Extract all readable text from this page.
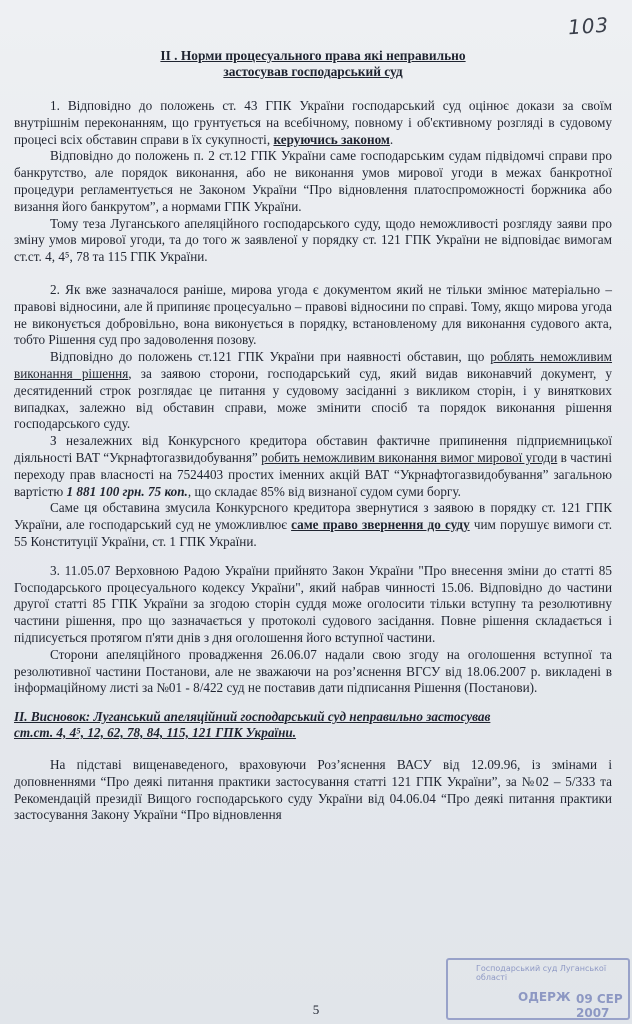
103
ІІ . Норми процесуального права які неправильно
застосував господарський суд

1. Відповідно до положень ст. 43 ГПК України господарський суд оцінює докази за своїм внутрішнім переконанням, що грунтується на всебічному, повному і об'єктивному розгляді в судовому процесі всіх обставин справи в їх сукупності, керуючись законом.

Відповідно до положень п. 2 ст.12 ГПК України саме господарським судам підвідомчі справи про банкрутство, але порядок виконання, або не виконання умов мирової угоди в межах банкротної процедури регламентується не Законом України “Про відновлення платоспроможності боржника або визання його банкрутом”, а нормами ГПК України.

Тому теза Луганського апеляційного господарського суду, щодо неможливості розгляду заяви про зміну умов мирової угоди, та до того ж заявленої у порядку ст. 121 ГПК України не відповідає вимогам ст.ст. 4, 4⁵, 78 та 115 ГПК України.

2. Як вже зазначалося раніше, мирова угода є документом який не тільки змінює матеріально – правові відносини, але й припиняє процесуально – правові відносини по справі. Тому, якщо мирова угода не виконується добровільно, вона виконується в порядку, встановленому для виконання судового акта, тобто Рішення суд про задоволення позову.

Відповідно до положень ст.121 ГПК України при наявності обставин, що роблять неможливим виконання рішення, за заявою сторони, господарський суд, який видав виконавчий документ, у десятиденний строк розглядає це питання у судовому засіданні з викликом сторін, і у виняткових випадках, залежно від обставин справи, може змінити спосіб та порядок виконання рішення господарського суду.

З незалежних від Конкурсного кредитора обставин фактичне припинення підприємницької діяльності ВАТ “Укрнафтогазвидобування” робить неможливим виконання вимог мирової угоди в частині переходу прав власності на 7524403 простих іменних акцій ВАТ “Укрнафтогазвидобування” загальною вартістю 1 881 100 грн. 75 коп., що складає 85% від визнаної судом суми боргу.

Саме ця обставина змусила Конкурсного кредитора звернутися з заявою в порядку ст. 121 ГПК України, але господарський суд не уможливлює саме право звернення до суду чим порушує вимоги ст. 55 Конституції України, ст. 1 ГПК України.

3. 11.05.07 Верховною Радою України прийнято Закон України "Про внесення зміни до статті 85 Господарського процесуального кодексу України", який набрав чинності 15.06. Відповідно до частини другої статті 85 ГПК України за згодою сторін суддя може оголосити тільки вступну та резолютивну частини рішення, про що зазначається у протоколі судового засідання. Повне рішення складається і підписується протягом п'яти днів з дня оголошення його вступної частини.

Сторони апеляційного провадження 26.06.07 надали свою згоду на оголошення вступної та резолютивної частини Постанови, але не зважаючи на роз’яснення ВГСУ від 18.06.2007 р. викладені в інформаційному листі за №01 - 8/422 суд не поставив дати підписання Рішення (Постанови).

ІІ. Висновок: Луганський апеляційний господарський суд неправильно застосував
ст.ст. 4, 4⁵, 12, 62, 78, 84, 115, 121 ГПК України.

На підставі вищенаведеного, враховуючи Роз’яснення ВАСУ від 12.09.96, із змінами і доповненнями “Про деякі питання практики застосування статті 121 ГПК України”, за №02 – 5/333 та Рекомендацій президії Вищого господарського суду України від 04.06.04 “Про деякі питання практики застосування Закону України “Про відновлення

5
Господарський суд Луганської області
ОДЕРЖ 09 СЕР 2007
